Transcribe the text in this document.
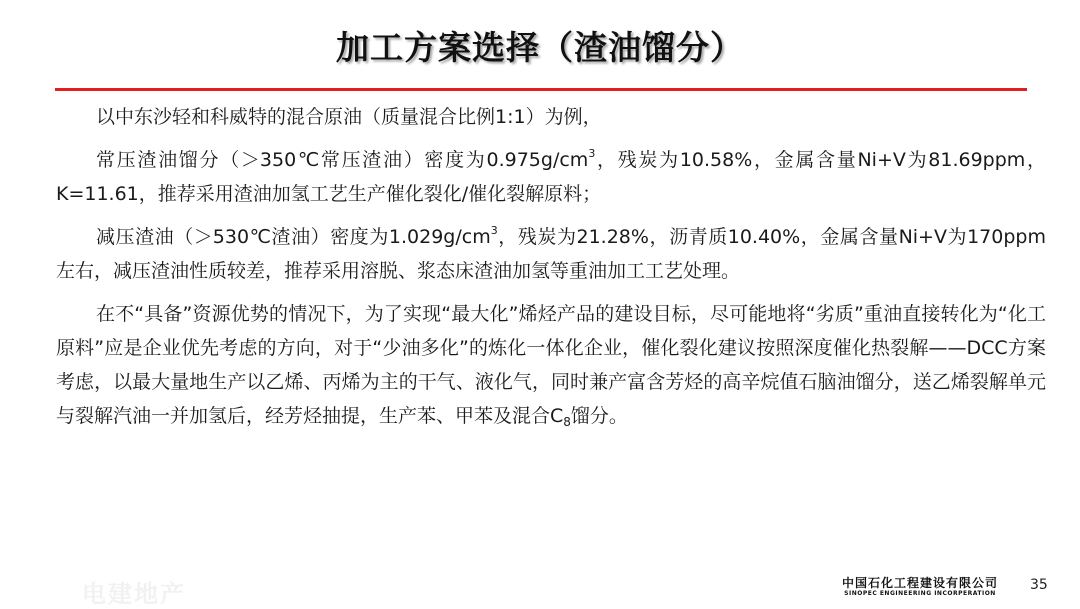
加工方案选择（渣油馏分）

以中东沙轻和科威特的混合原油（质量混合比例1:1）为例，

常压渣油馏分（＞350℃常压渣油）密度为$0.975g/cm^3$，残炭为10.58%，金属含量Ni+V为81.69ppm，K=11.61，推荐采用渣油加氢工艺生产催化裂化/催化裂解原料；

减压渣油（＞530℃渣油）密度为$1.029g/cm^3$，残炭为21.28%，沥青质10.40%，金属含量Ni+V为170ppm左右，减压渣油性质较差，推荐采用溶脱、浆态床渣油加氢等重油加工工艺处理。

在不“具备”资源优势的情况下，为了实现“最大化”烯烃产品的建设目标，尽可能地将“劣质”重油直接转化为“化工原料”应是企业优先考虑的方向，对于“少油多化”的炼化一体化企业，催化裂化建议按照深度催化热裂解——DCC方案考虑，以最大量地生产以乙烯、丙烯为主的干气、液化气，同时兼产富含芳烃的高辛烷值石脑油馏分，送乙烯裂解单元与裂解汽油一并加氢后，经芳烃抽提，生产苯、甲苯及混合$C_8$馏分。

电建地产	中国石化工程建设有限公司
SINOPEC ENGINEERING INCORPERATION
35
